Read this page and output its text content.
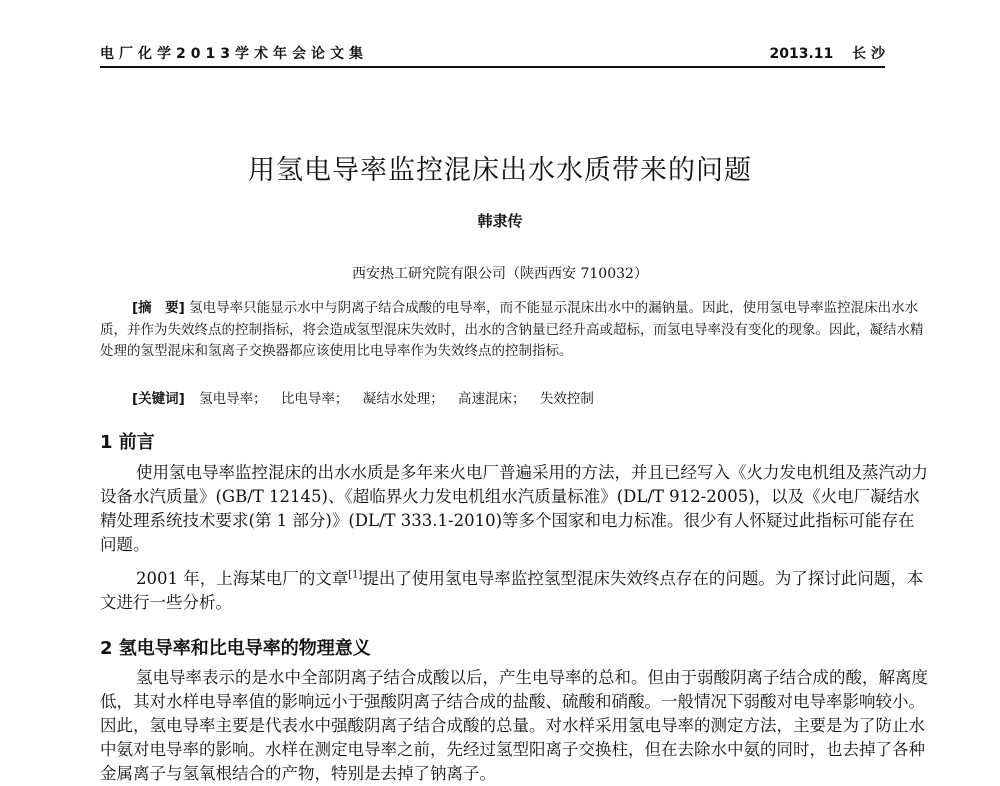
电厂化学2013学术年会论文集	2013.11 长 沙
用氢电导率监控混床出水水质带来的问题
韩隶传
西安热工研究院有限公司（陕西西安 710032）

[摘　要] 氢电导率只能显示水中与阴离子结合成酸的电导率，而不能显示混床出水中的漏钠量。因此，使用氢电导率监控混床出水水质，并作为失效终点的控制指标，将会造成氢型混床失效时，出水的含钠量已经升高或超标，而氢电导率没有变化的现象。因此，凝结水精处理的氢型混床和氢离子交换器都应该使用比电导率作为失效终点的控制指标。

[关键词] 氢电导率； 比电导率； 凝结水处理； 高速混床； 失效控制
1 前言

使用氢电导率监控混床的出水水质是多年来火电厂普遍采用的方法，并且已经写入《火力发电机组及蒸汽动力设备水汽质量》(GB/T 12145)、《超临界火力发电机组水汽质量标准》(DL/T 912-2005)，以及《火电厂凝结水精处理系统技术要求(第 1 部分)》(DL/T 333.1-2010)等多个国家和电力标准。很少有人怀疑过此指标可能存在问题。

2001 年，上海某电厂的文章[1]提出了使用氢电导率监控氢型混床失效终点存在的问题。为了探讨此问题，本文进行一些分析。

2 氢电导率和比电导率的物理意义

氢电导率表示的是水中全部阴离子结合成酸以后，产生电导率的总和。但由于弱酸阴离子结合成的酸，解离度低，其对水样电导率值的影响远小于强酸阴离子结合成的盐酸、硫酸和硝酸。一般情况下弱酸对电导率影响较小。因此，氢电导率主要是代表水中强酸阴离子结合成酸的总量。对水样采用氢电导率的测定方法，主要是为了防止水中氨对电导率的影响。水样在测定电导率之前，先经过氢型阳离子交换柱，但在去除水中氨的同时，也去掉了各种金属离子与氢氧根结合的产物，特别是去掉了钠离子。
